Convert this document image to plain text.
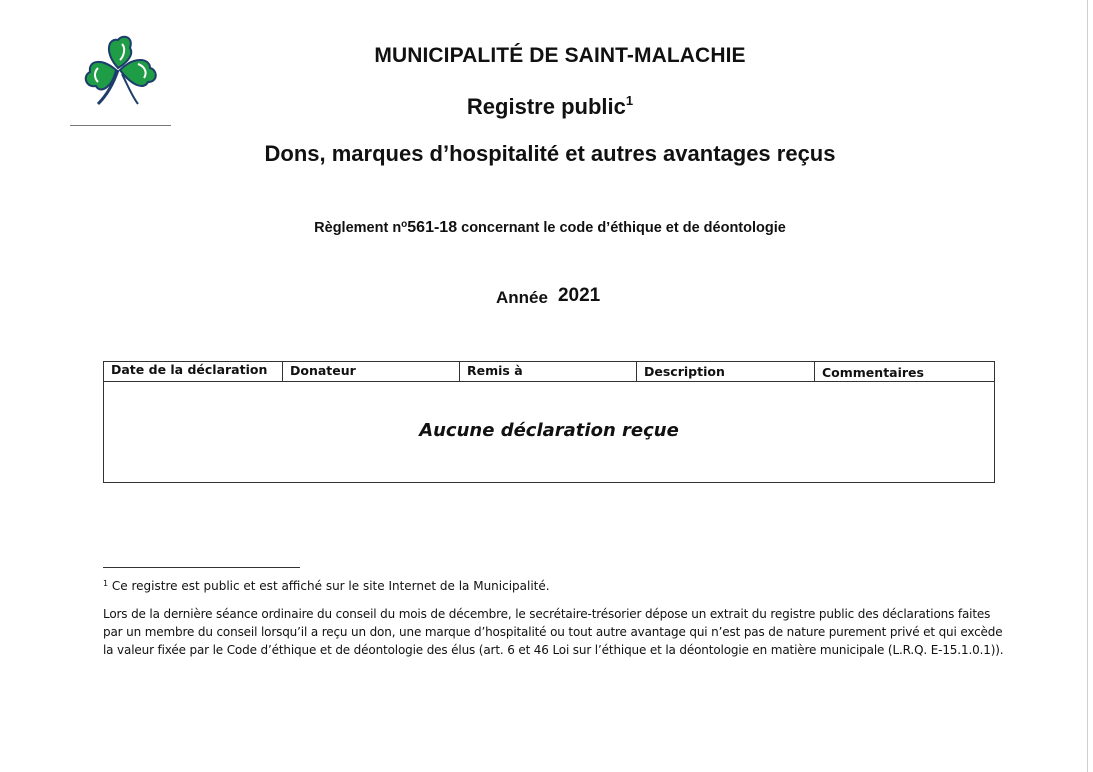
MUNICIPALITÉ DE SAINT-MALACHIE
Registre public$^1$
Dons, marques d’hospitalité et autres avantages reçus
Règlement $n^o561-18$ concernant le code d’éthique et de déontologie
Année 2021
Date de la déclaration	Donateur	Remis à	Description	Commentaires
Aucune déclaration reçue
$^1$ Ce registre est public et est affiché sur le site Internet de la Municipalité.
Lors de la dernière séance ordinaire du conseil du mois de décembre, le secrétaire-trésorier dépose un extrait du registre public des déclarations faites par un membre du conseil lorsqu’il a reçu un don, une marque d’hospitalité ou tout autre avantage qui n’est pas de nature purement privé et qui excède la valeur fixée par le Code d’éthique et de déontologie des élus (art. 6 et 46 Loi sur l’éthique et la déontologie en matière municipale (L.R.Q. E-15.1.0.1)).
